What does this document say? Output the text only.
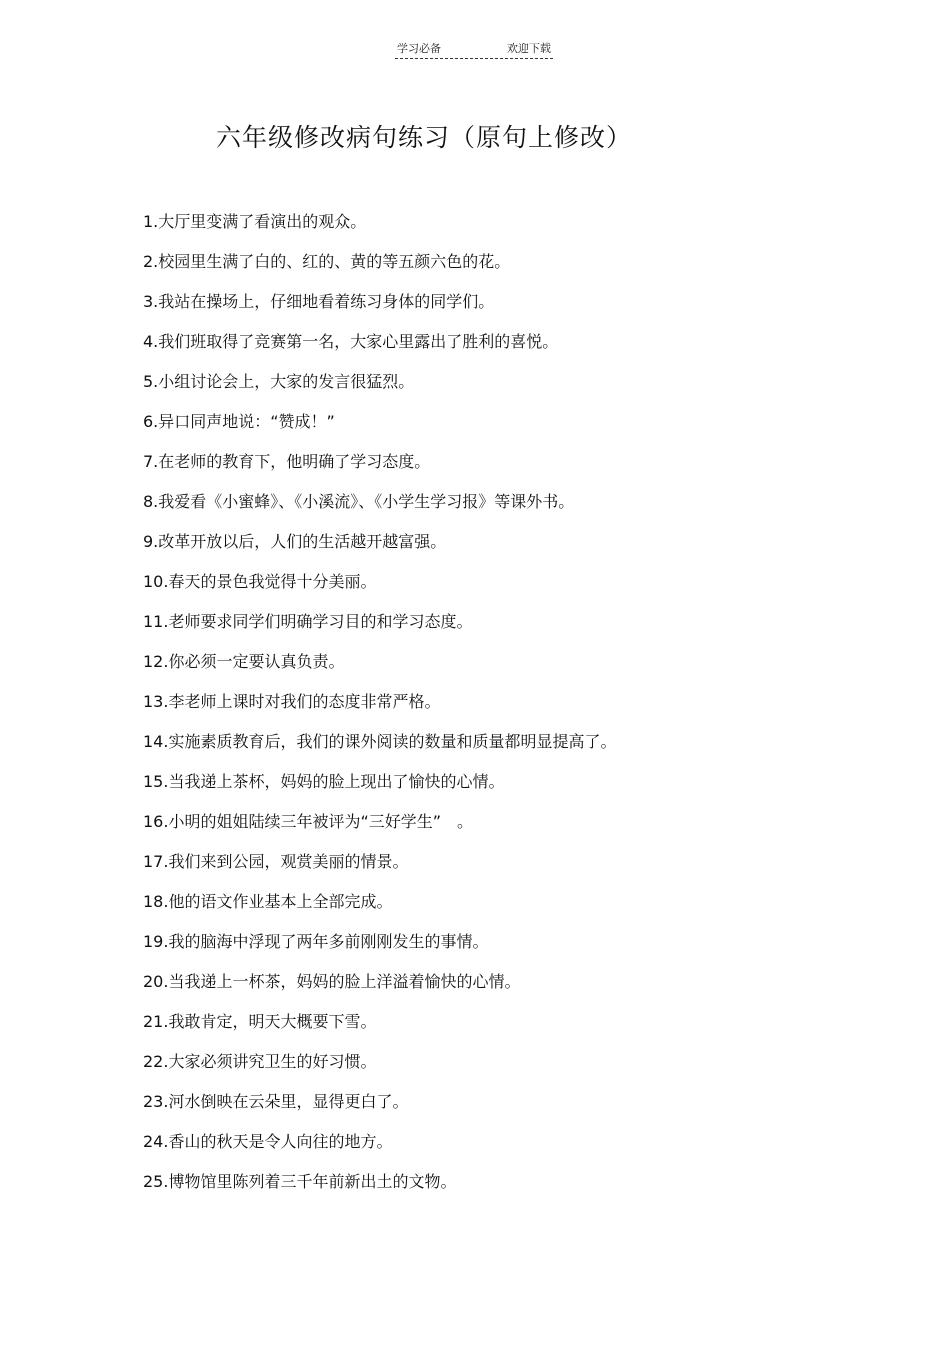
学习必备	欢迎下载
六年级修改病句练习（原句上修改）
1.大厅里变满了看演出的观众。
2.校园里生满了白的、红的、黄的等五颜六色的花。
3.我站在操场上，仔细地看着练习身体的同学们。
4.我们班取得了竞赛第一名，大家心里露出了胜利的喜悦。
5.小组讨论会上，大家的发言很猛烈。
6.异口同声地说：“赞成！”
7.在老师的教育下，他明确了学习态度。
8.我爱看《小蜜蜂》、《小溪流》、《小学生学习报》等课外书。
9.改革开放以后，人们的生活越开越富强。
10.春天的景色我觉得十分美丽。
11.老师要求同学们明确学习目的和学习态度。
12.你必须一定要认真负责。
13.李老师上课时对我们的态度非常严格。
14.实施素质教育后，我们的课外阅读的数量和质量都明显提高了。
15.当我递上茶杯，妈妈的脸上现出了愉快的心情。
16.小明的姐姐陆续三年被评为“三好学生”　。
17.我们来到公园，观赏美丽的情景。
18.他的语文作业基本上全部完成。
19.我的脑海中浮现了两年多前刚刚发生的事情。
20.当我递上一杯茶，妈妈的脸上洋溢着愉快的心情。
21.我敢肯定，明天大概要下雪。
22.大家必须讲究卫生的好习惯。
23.河水倒映在云朵里，显得更白了。
24.香山的秋天是令人向往的地方。
25.博物馆里陈列着三千年前新出土的文物。
